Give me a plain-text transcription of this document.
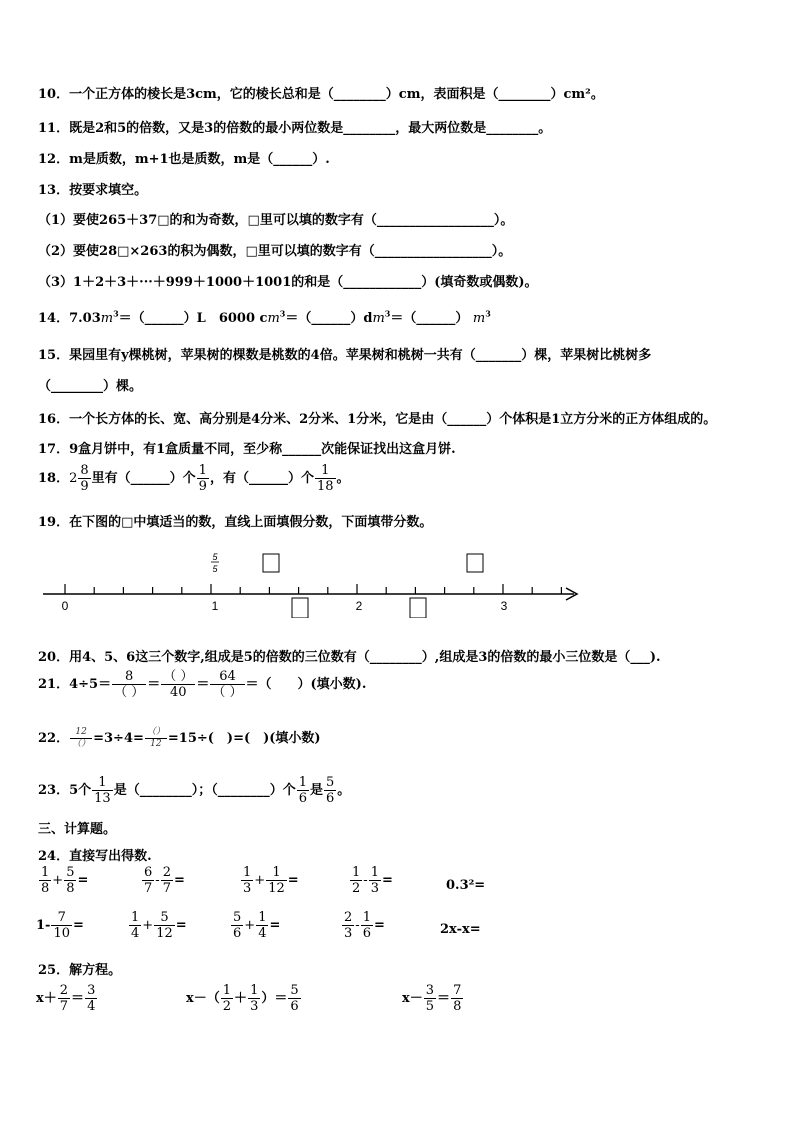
10．一个正方体的棱长是3cm，它的棱长总和是（________）cm，表面积是（________）cm²。
11．既是2和5的倍数，又是3的倍数的最小两位数是________，最大两位数是________。
12．m是质数，m+1也是质数，m是（______）.
13．按要求填空。
（1）要使265＋37□的和为奇数，□里可以填的数字有（__________________）。
（2）要使28□×263的积为偶数，□里可以填的数字有（__________________）。
（3）1＋2＋3＋···＋999＋1000＋1001的和是（____________）(填奇数或偶数)。
14．$7.03m^3=(\_\_\_\_\_\_)L$　6000 $cm^3=(\_\_\_\_\_\_)dm^3=(\_\_\_\_\_\_)$ $m^3$
15．果园里有y棵桃树，苹果树的棵数是桃数的4倍。苹果树和桃树一共有（_______）棵，苹果树比桃树多
（________）棵。
16．一个长方体的长、宽、高分别是4分米、2分米、1分米，它是由（______）个体积是1立方分米的正方体组成的。
17．9盒月饼中，有1盒质量不同，至少称______次能保证找出这盒月饼.
18．$2 \frac{8}{9}$ 里有（______）个 $\frac{1}{9}$ ，有（______）个 $\frac{1}{18}$ 。
19．在下图的□中填适当的数，直线上面填假分数，下面填带分数。
5
5
0	1	2	3
20．用4、5、6这三个数字,组成是5的倍数的三位数有（________）,组成是3的倍数的最小三位数是（___).
21．$4\div 5= \frac{8}{( )} = \frac{( )}{40} = \frac{64}{( )}$ ＝（　　）(填小数).
22． $\frac{12}{()} =3\div 4= \frac{()}{12} =15\div$(　)=(　)(填小数)
23．5个 $\frac{1}{13}$ 是（________）；（________）个 $\frac{1}{6}$ 是 $\frac{5}{6}$ 。
三、计算题。
24．直接写出得数.
$\frac{1}{8} + \frac{5}{8}$ =	$\frac{6}{7} - \frac{2}{7}$ =	$\frac{1}{3} + \frac{1}{12}$ =	$\frac{1}{2} - \frac{1}{3}$ =	0.3²=
$1- \frac{7}{10}$ =	$\frac{1}{4} + \frac{5}{12}$ =	$\frac{5}{6} + \frac{1}{4}$ =	$\frac{2}{3} - \frac{1}{6}$ =	2x-x=
25．解方程。
$x+ \frac{2}{7} = \frac{3}{4}$	$x-( \frac{1}{2} + \frac{1}{3}$ ）＝ $\frac{5}{6}$	$x- \frac{3}{5} = \frac{7}{8}$
